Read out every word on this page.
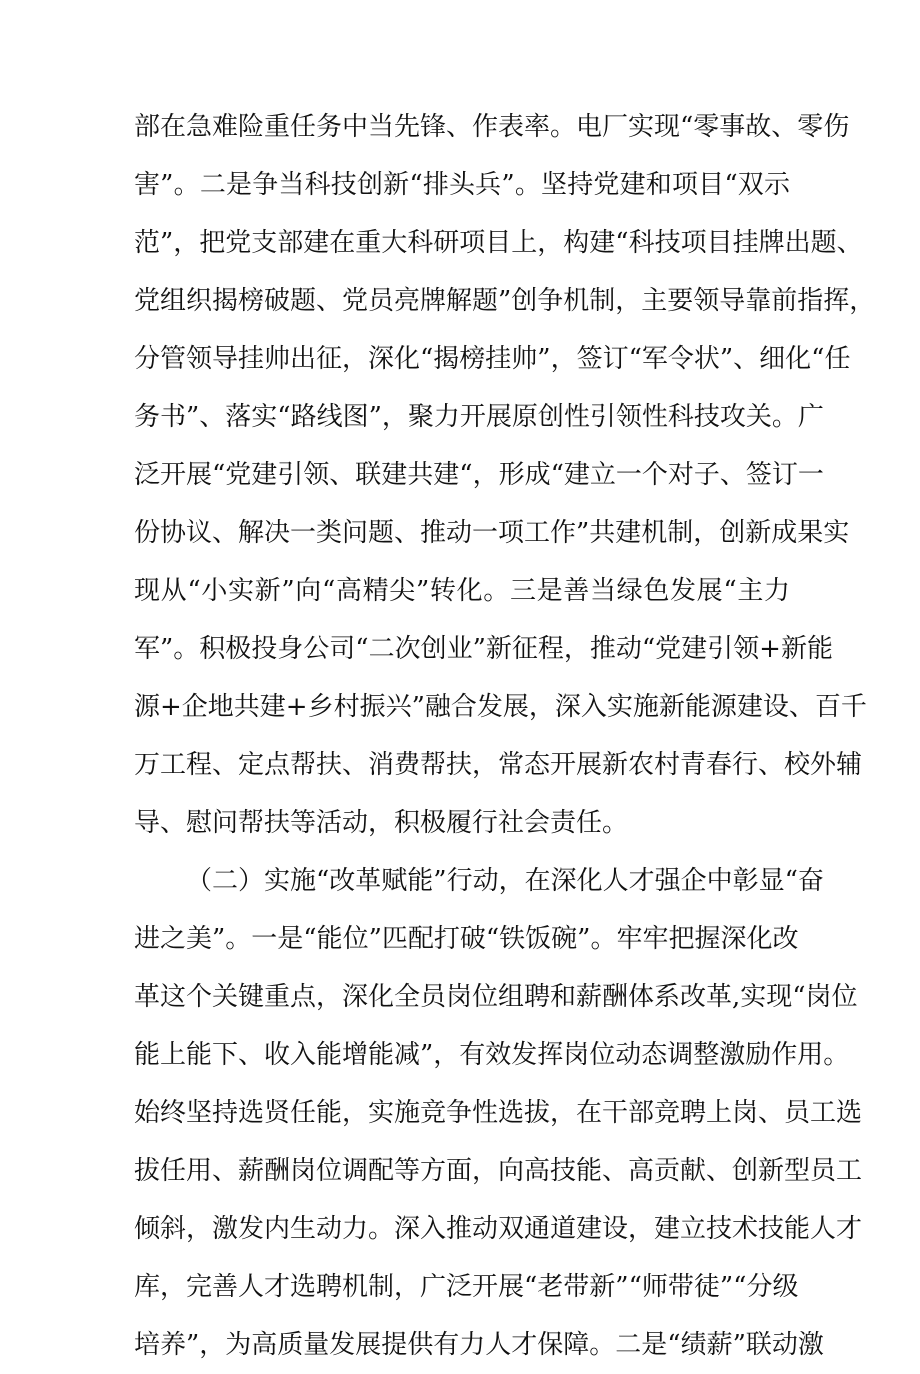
部在急难险重任务中当先锋、作表率。电厂实现“零事故、零伤
害”。二是争当科技创新“排头兵”。坚持党建和项目“双示
范”，把党支部建在重大科研项目上，构建“科技项目挂牌出题、
党组织揭榜破题、党员亮牌解题”创争机制，主要领导靠前指挥，
分管领导挂帅出征，深化“揭榜挂帅”，签订“军令状”、细化“任
务书”、落实“路线图”，聚力开展原创性引领性科技攻关。广
泛开展“党建引领、联建共建“，形成“建立一个对子、签订一
份协议、解决一类问题、推动一项工作”共建机制，创新成果实
现从“小实新”向“高精尖”转化。三是善当绿色发展“主力
军”。积极投身公司“二次创业”新征程，推动“党建引领+新能
源+企地共建+乡村振兴”融合发展，深入实施新能源建设、百千
万工程、定点帮扶、消费帮扶，常态开展新农村青春行、校外辅
导、慰问帮扶等活动，积极履行社会责任。
（二）实施“改革赋能”行动，在深化人才强企中彰显“奋
进之美”。一是“能位”匹配打破“铁饭碗”。牢牢把握深化改
革这个关键重点，深化全员岗位组聘和薪酬体系改革,实现“岗位
能上能下、收入能增能减”，有效发挥岗位动态调整激励作用。
始终坚持选贤任能，实施竞争性选拔，在干部竞聘上岗、员工选
拔任用、薪酬岗位调配等方面，向高技能、高贡献、创新型员工
倾斜，激发内生动力。深入推动双通道建设，建立技术技能人才
库，完善人才选聘机制，广泛开展“老带新”“师带徒”“分级
培养”，为高质量发展提供有力人才保障。二是“绩薪”联动激
